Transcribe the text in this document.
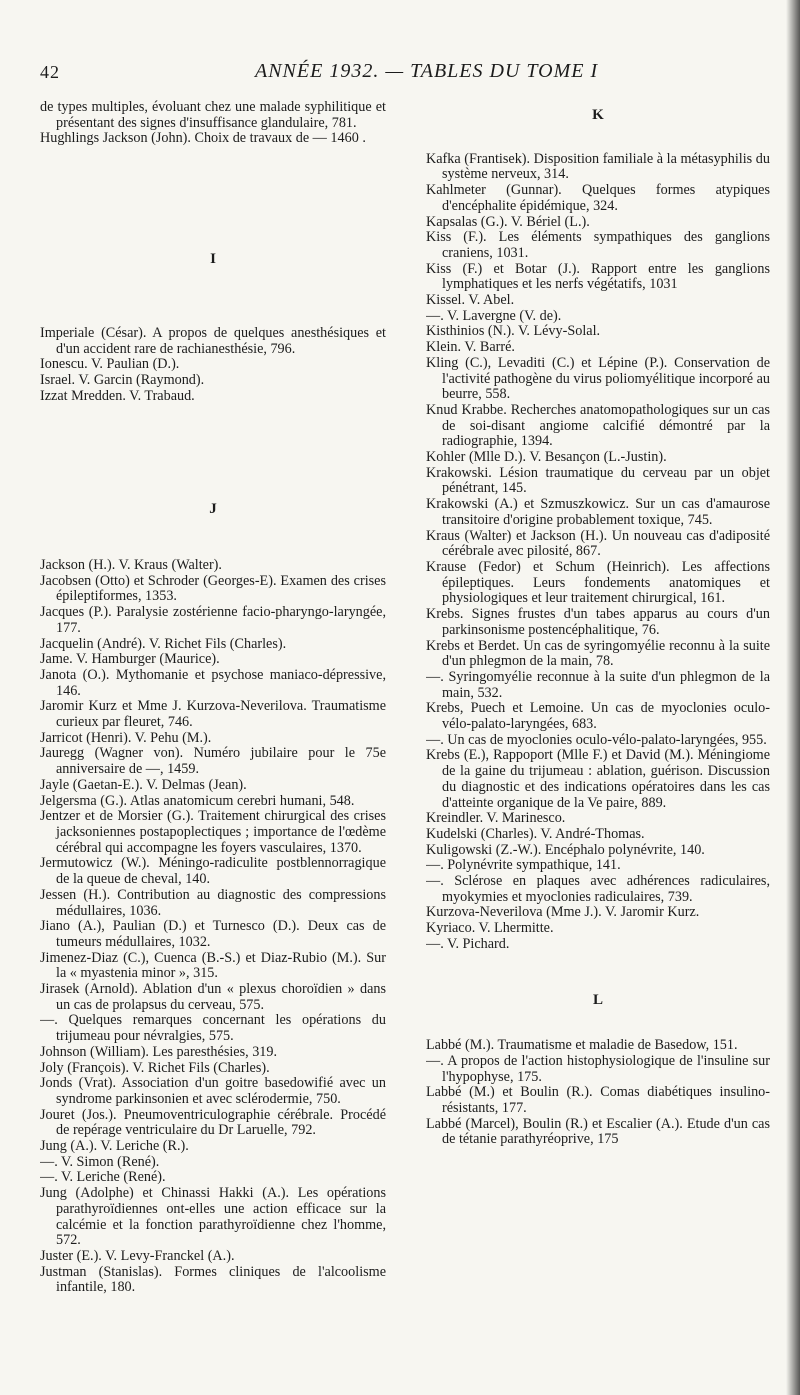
42	ANNÉE 1932. — TABLES DU TOME I

de types multiples, évoluant chez une malade syphilitique et présentant des signes d'insuffisance glandulaire, 781.

Hughlings Jackson (John). Choix de travaux de — 1460 .

I

Imperiale (César). A propos de quelques anesthésiques et d'un accident rare de rachianesthésie, 796.

Ionescu. V. Paulian (D.).

Israel. V. Garcin (Raymond).

Izzat Mredden. V. Trabaud.

J

Jackson (H.). V. Kraus (Walter).

Jacobsen (Otto) et Schroder (Georges-E). Examen des crises épileptiformes, 1353.

Jacques (P.). Paralysie zostérienne facio-pharyngo-laryngée, 177.

Jacquelin (André). V. Richet Fils (Charles).

Jame. V. Hamburger (Maurice).

Janota (O.). Mythomanie et psychose maniaco-dépressive, 146.

Jaromir Kurz et Mme J. Kurzova-Neverilova. Traumatisme curieux par fleuret, 746.

Jarricot (Henri). V. Pehu (M.).

Jauregg (Wagner von). Numéro jubilaire pour le 75e anniversaire de —, 1459.

Jayle (Gaetan-E.). V. Delmas (Jean).

Jelgersma (G.). Atlas anatomicum cerebri humani, 548.

Jentzer et de Morsier (G.). Traitement chirurgical des crises jacksoniennes postapoplectiques ; importance de l'œdème cérébral qui accompagne les foyers vasculaires, 1370.

Jermutowicz (W.). Méningo-radiculite postblennorragique de la queue de cheval, 140.

Jessen (H.). Contribution au diagnostic des compressions médullaires, 1036.

Jiano (A.), Paulian (D.) et Turnesco (D.). Deux cas de tumeurs médullaires, 1032.

Jimenez-Diaz (C.), Cuenca (B.-S.) et Diaz-Rubio (M.). Sur la « myastenia minor », 315.

Jirasek (Arnold). Ablation d'un « plexus choroïdien » dans un cas de prolapsus du cerveau, 575.

—. Quelques remarques concernant les opérations du trijumeau pour névralgies, 575.

Johnson (William). Les paresthésies, 319.

Joly (François). V. Richet Fils (Charles).

Jonds (Vrat). Association d'un goitre basedowifié avec un syndrome parkinsonien et avec sclérodermie, 750.

Jouret (Jos.). Pneumoventriculographie cérébrale. Procédé de repérage ventriculaire du Dr Laruelle, 792.

Jung (A.). V. Leriche (R.).

—. V. Simon (René).

—. V. Leriche (René).

Jung (Adolphe) et Chinassi Hakki (A.). Les opérations parathyroïdiennes ont-elles une action efficace sur la calcémie et la fonction parathyroïdienne chez l'homme, 572.

Juster (E.). V. Levy-Franckel (A.).

Justman (Stanislas). Formes cliniques de l'alcoolisme infantile, 180.

K

Kafka (Frantisek). Disposition familiale à la métasyphilis du système nerveux, 314.

Kahlmeter (Gunnar). Quelques formes atypiques d'encéphalite épidémique, 324.

Kapsalas (G.). V. Bériel (L.).

Kiss (F.). Les éléments sympathiques des ganglions craniens, 1031.

Kiss (F.) et Botar (J.). Rapport entre les ganglions lymphatiques et les nerfs végétatifs, 1031

Kissel. V. Abel.

—. V. Lavergne (V. de).

Kisthinios (N.). V. Lévy-Solal.

Klein. V. Barré.

Kling (C.), Levaditi (C.) et Lépine (P.). Conservation de l'activité pathogène du virus poliomyélitique incorporé au beurre, 558.

Knud Krabbe. Recherches anatomopathologiques sur un cas de soi-disant angiome calcifié démontré par la radiographie, 1394.

Kohler (Mlle D.). V. Besançon (L.-Justin).

Krakowski. Lésion traumatique du cerveau par un objet pénétrant, 145.

Krakowski (A.) et Szmuszkowicz. Sur un cas d'amaurose transitoire d'origine probablement toxique, 745.

Kraus (Walter) et Jackson (H.). Un nouveau cas d'adiposité cérébrale avec pilosité, 867.

Krause (Fedor) et Schum (Heinrich). Les affections épileptiques. Leurs fondements anatomiques et physiologiques et leur traitement chirurgical, 161.

Krebs. Signes frustes d'un tabes apparus au cours d'un parkinsonisme postencéphalitique, 76.

Krebs et Berdet. Un cas de syringomyélie reconnu à la suite d'un phlegmon de la main, 78.

—. Syringomyélie reconnue à la suite d'un phlegmon de la main, 532.

Krebs, Puech et Lemoine. Un cas de myoclonies oculo-vélo-palato-laryngées, 683.

—. Un cas de myoclonies oculo-vélo-palato-laryngées, 955.

Krebs (E.), Rappoport (Mlle F.) et David (M.). Méningiome de la gaine du trijumeau : ablation, guérison. Discussion du diagnostic et des indications opératoires dans les cas d'atteinte organique de la Ve paire, 889.

Kreindler. V. Marinesco.

Kudelski (Charles). V. André-Thomas.

Kuligowski (Z.-W.). Encéphalo polynévrite, 140.

—. Polynévrite sympathique, 141.

—. Sclérose en plaques avec adhérences radiculaires, myokymies et myoclonies radiculaires, 739.

Kurzova-Neverilova (Mme J.). V. Jaromir Kurz.

Kyriaco. V. Lhermitte.

—. V. Pichard.

L

Labbé (M.). Traumatisme et maladie de Basedow, 151.

—. A propos de l'action histophysiologique de l'insuline sur l'hypophyse, 175.

Labbé (M.) et Boulin (R.). Comas diabétiques insulino-résistants, 177.

Labbé (Marcel), Boulin (R.) et Escalier (A.). Etude d'un cas de tétanie parathyréoprive, 175
